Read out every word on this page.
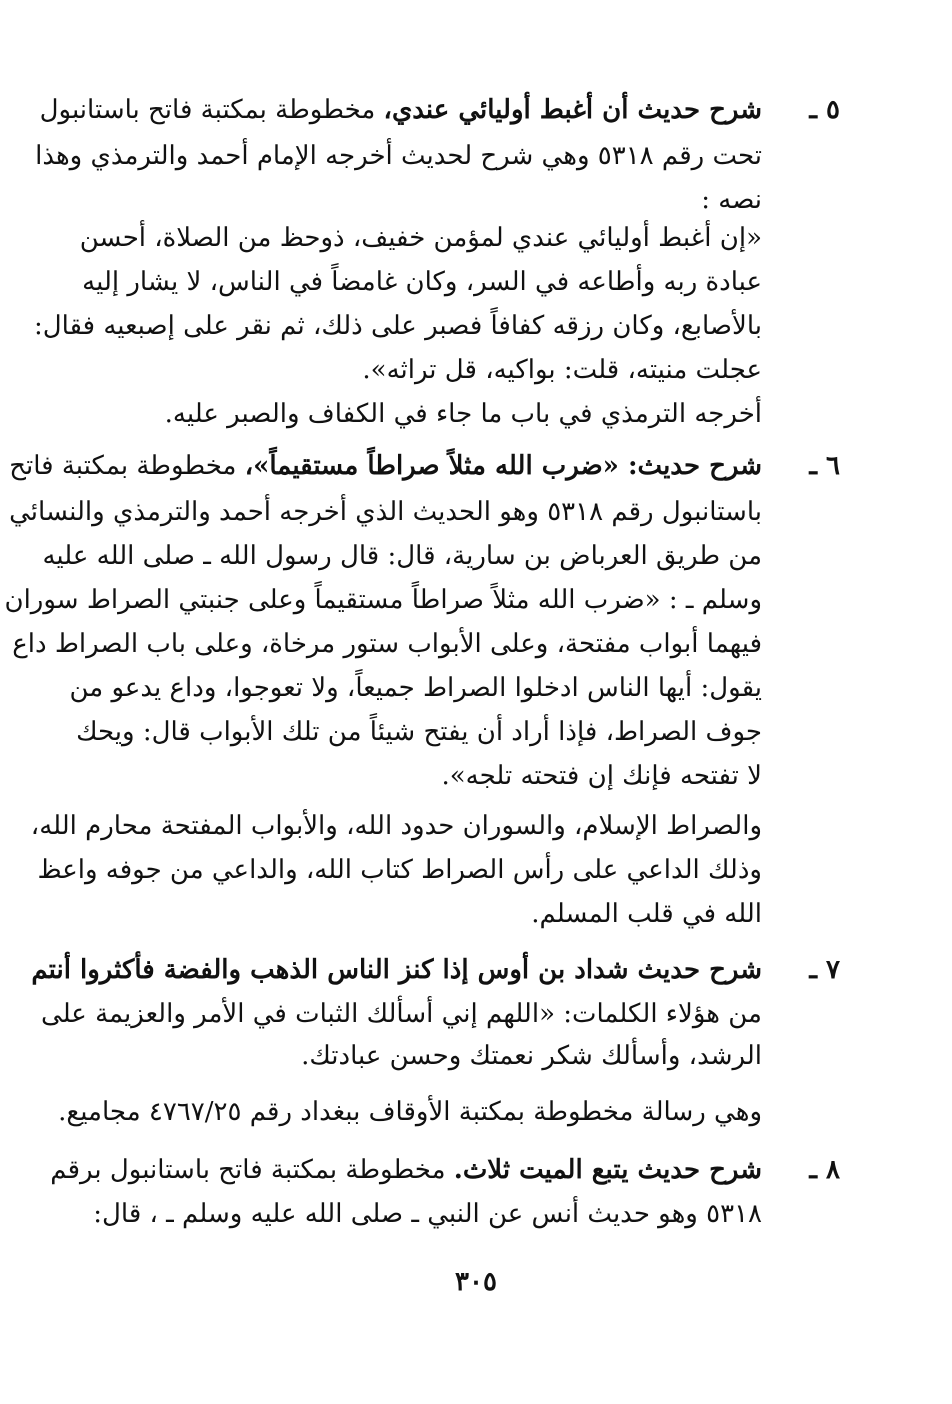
٥ ـ
شرح حديث أن أغبط أوليائي عندي، مخطوطة بمكتبة فاتح باستانبول
تحت رقم ٥٣١٨ وهي شرح لحديث أخرجه الإمام أحمد والترمذي وهذا
نصه :
«إن أغبط أوليائي عندي لمؤمن خفيف، ذوحظ من الصلاة، أحسن
عبادة ربه وأطاعه في السر، وكان غامضاً في الناس، لا يشار إليه
بالأصابع، وكان رزقه كفافاً فصبر على ذلك، ثم نقر على إصبعيه فقال:
عجلت منيته، قلت: بواكيه، قل تراثه».
أخرجه الترمذي في باب ما جاء في الكفاف والصبر عليه.
٦ ـ
شرح حديث: «ضرب الله مثلاً صراطاً مستقيماً»، مخطوطة بمكتبة فاتح
باستانبول رقم ٥٣١٨ وهو الحديث الذي أخرجه أحمد والترمذي والنسائي
من طريق العرباض بن سارية، قال: قال رسول الله ـ صلى الله عليه
وسلم ـ : «ضرب الله مثلاً صراطاً مستقيماً وعلى جنبتي الصراط سوران
فيهما أبواب مفتحة، وعلى الأبواب ستور مرخاة، وعلى باب الصراط داع
يقول: أيها الناس ادخلوا الصراط جميعاً، ولا تعوجوا، وداع يدعو من
جوف الصراط، فإذا أراد أن يفتح شيئاً من تلك الأبواب قال: ويحك
لا تفتحه فإنك إن فتحته تلجه».
والصراط الإسلام، والسوران حدود الله، والأبواب المفتحة محارم الله،
وذلك الداعي على رأس الصراط كتاب الله، والداعي من جوفه واعظ
الله في قلب المسلم.
٧ ـ
شرح حديث شداد بن أوس إذا كنز الناس الذهب والفضة فأكثروا أنتم
من هؤلاء الكلمات: «اللهم إني أسألك الثبات في الأمر والعزيمة على
الرشد، وأسألك شكر نعمتك وحسن عبادتك.
وهي رسالة مخطوطة بمكتبة الأوقاف ببغداد رقم ٤٧٦٧/٢٥ مجاميع.
٨ ـ
شرح حديث يتبع الميت ثلاث. مخطوطة بمكتبة فاتح باستانبول برقم
٥٣١٨ وهو حديث أنس عن النبي ـ صلى الله عليه وسلم ـ ، قال:
٣٠٥
